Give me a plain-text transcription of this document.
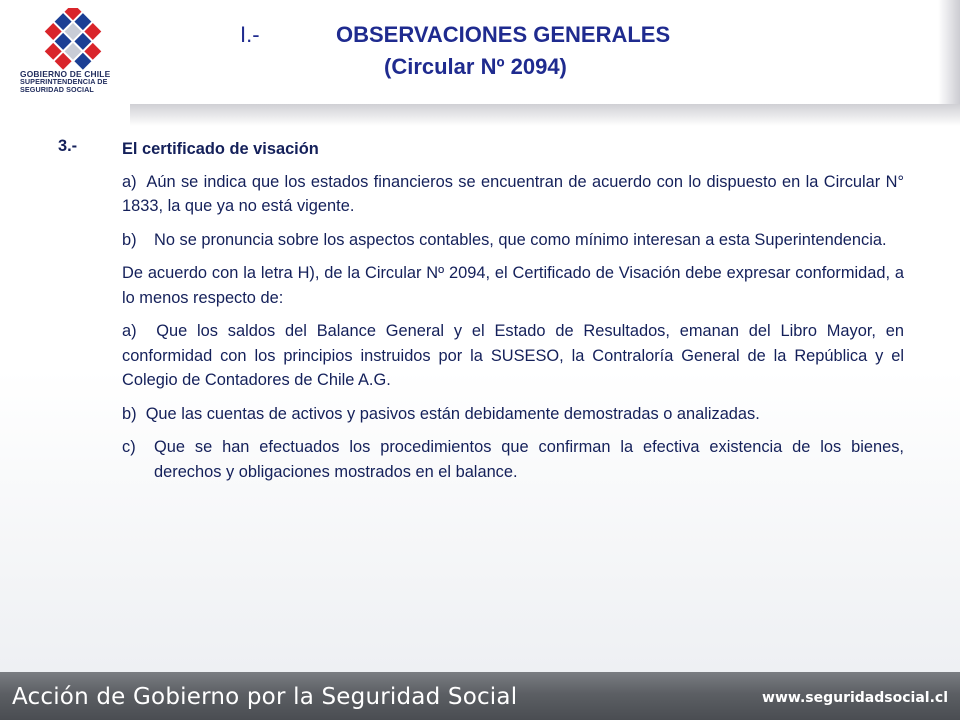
GOBIERNO DE CHILE
SUPERINTENDENCIA DE
SEGURIDAD SOCIAL
I.-	OBSERVACIONES GENERALES
(Circular Nº 2094)
3.-	El certificado de visación
a) Aún se indica que los estados financieros se encuentran de acuerdo con lo dispuesto en la Circular N° 1833, la que ya no está vigente.
b)	No se pronuncia sobre los aspectos contables, que como mínimo interesan a esta Superintendencia.
De acuerdo con la letra H), de la Circular Nº 2094, el Certificado de Visación debe expresar conformidad, a lo menos respecto de:
a) Que los saldos del Balance General y el Estado de Resultados, emanan del Libro Mayor, en conformidad con los principios instruidos por la SUSESO, la Contraloría General de la República y el Colegio de Contadores de Chile A.G.
b) Que las cuentas de activos y pasivos están debidamente demostradas o analizadas.
c)	Que se han efectuados los procedimientos que confirman la efectiva existencia de los bienes, derechos y obligaciones mostrados en el balance.
Acción de Gobierno por la Seguridad Social	www.seguridadsocial.cl
